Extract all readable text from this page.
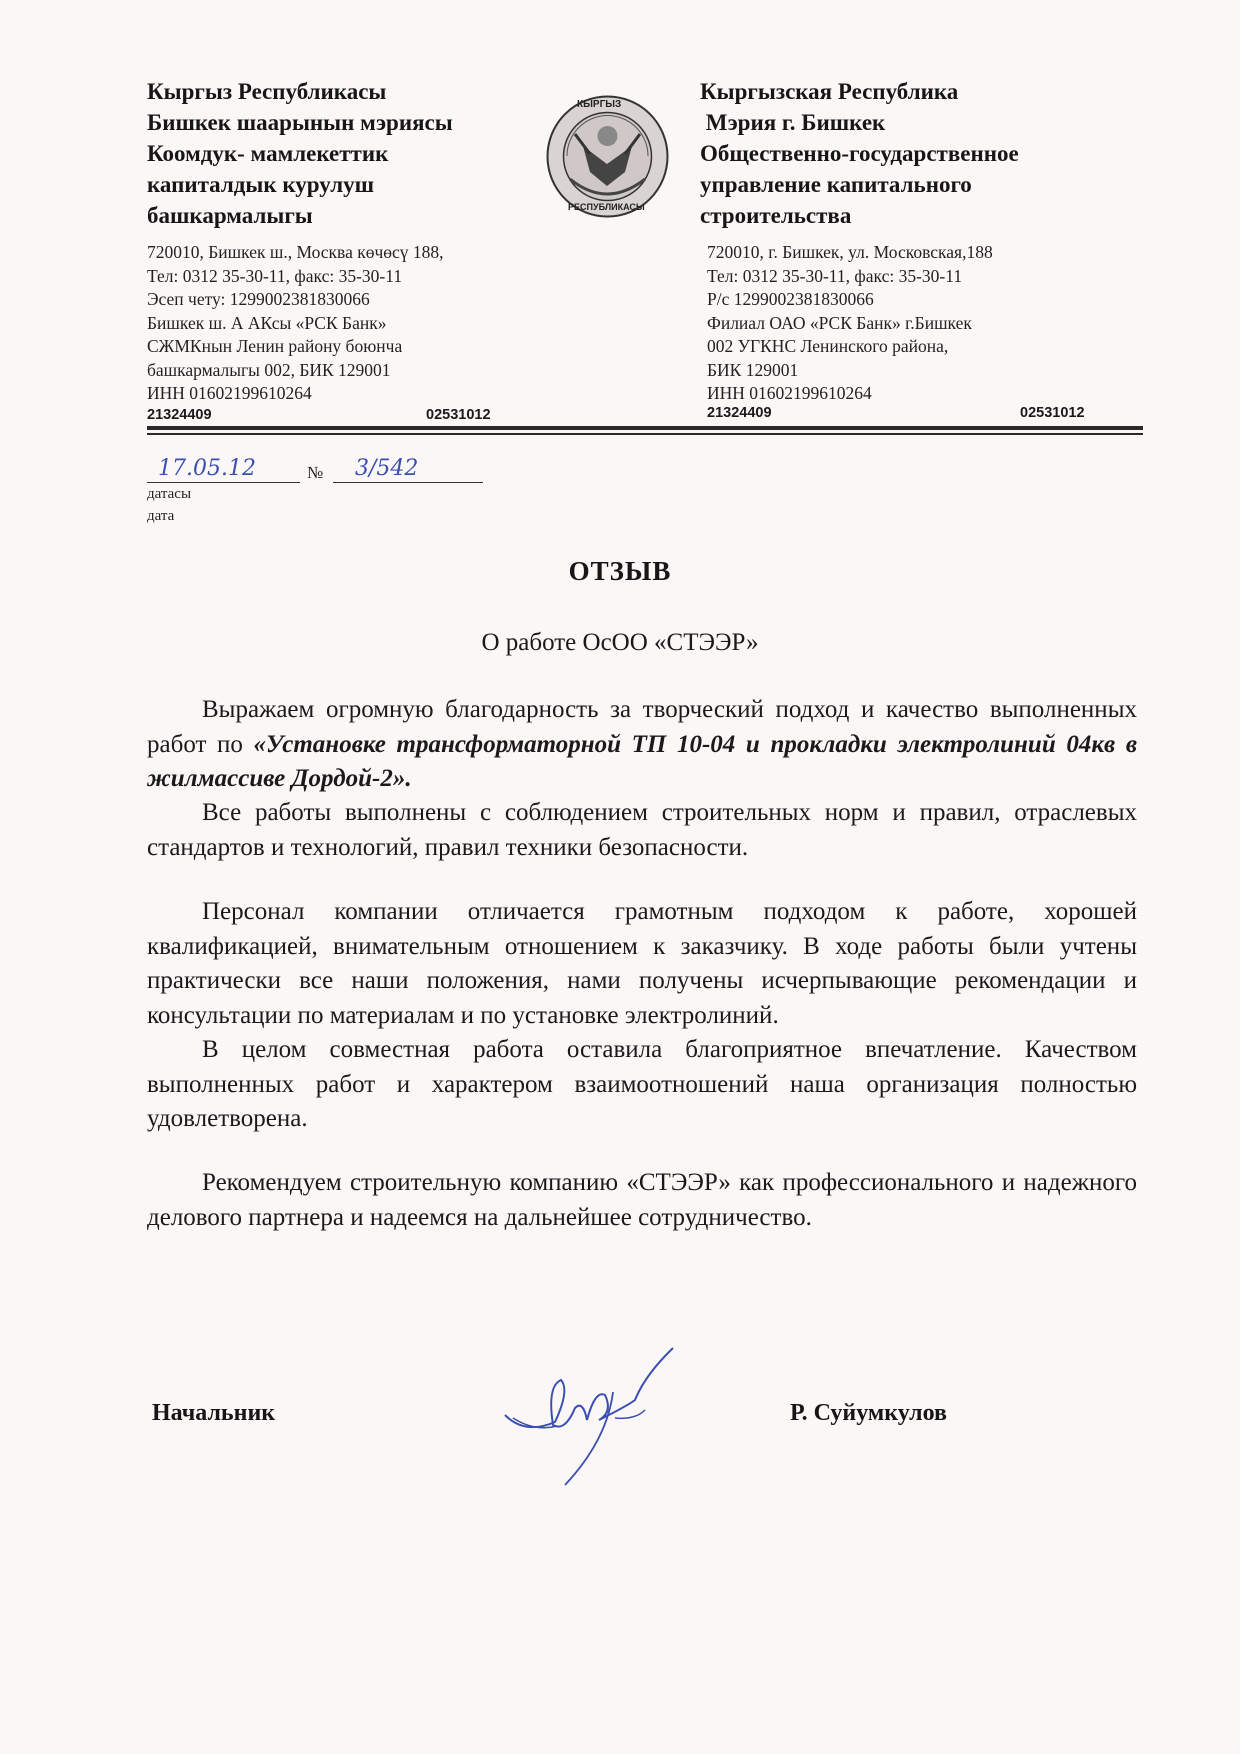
Кыргыз Республикасы
Бишкек шаарынын мэриясы
Коомдук- мамлекеттик
капиталдык курулуш
башкармалыгы
КЫРГЫЗ
РЕСПУБЛИКАСЫ
Кыргызская Республика
Мэрия г. Бишкек
Общественно-государственное
управление капитального
строительства
720010, Бишкек ш., Москва көчөсү 188,
Тел: 0312 35-30-11, факс: 35-30-11
Эсеп чету: 1299002381830066
Бишкек ш. А АКсы «РСК Банк»
СЖМКнын Ленин району боюнча
башкармалыгы 002, БИК 129001
ИНН 01602199610264
21324409	02531012
720010, г. Бишкек, ул. Московская,188
Тел: 0312 35-30-11, факс: 35-30-11
Р/с 1299002381830066
Филиал ОАО «РСК Банк» г.Бишкек
002 УГКНС Ленинского района,
БИК 129001
ИНН 01602199610264
21324409	02531012
17.05.12	№ 3/542
датасы
дата
ОТЗЫВ
О работе ОсОО «СТЭЭР»

Выражаем огромную благодарность за творческий подход и качество выполненных работ по «Установке трансформаторной ТП 10-04 и прокладки электролиний 04кв в жилмассиве Дордой-2».

Все работы выполнены с соблюдением строительных норм и правил, отраслевых стандартов и технологий, правил техники безопасности.

Персонал компании отличается грамотным подходом к работе, хорошей квалификацией, внимательным отношением к заказчику. В ходе работы были учтены практически все наши положения, нами получены исчерпывающие рекомендации и консультации по материалам и по установке электролиний.

В целом совместная работа оставила благоприятное впечатление. Качеством выполненных работ и характером взаимоотношений наша организация полностью удовлетворена.

Рекомендуем строительную компанию «СТЭЭР» как профессионального и надежного делового партнера и надеемся на дальнейшее сотрудничество.

Начальник	Р. Суйумкулов
